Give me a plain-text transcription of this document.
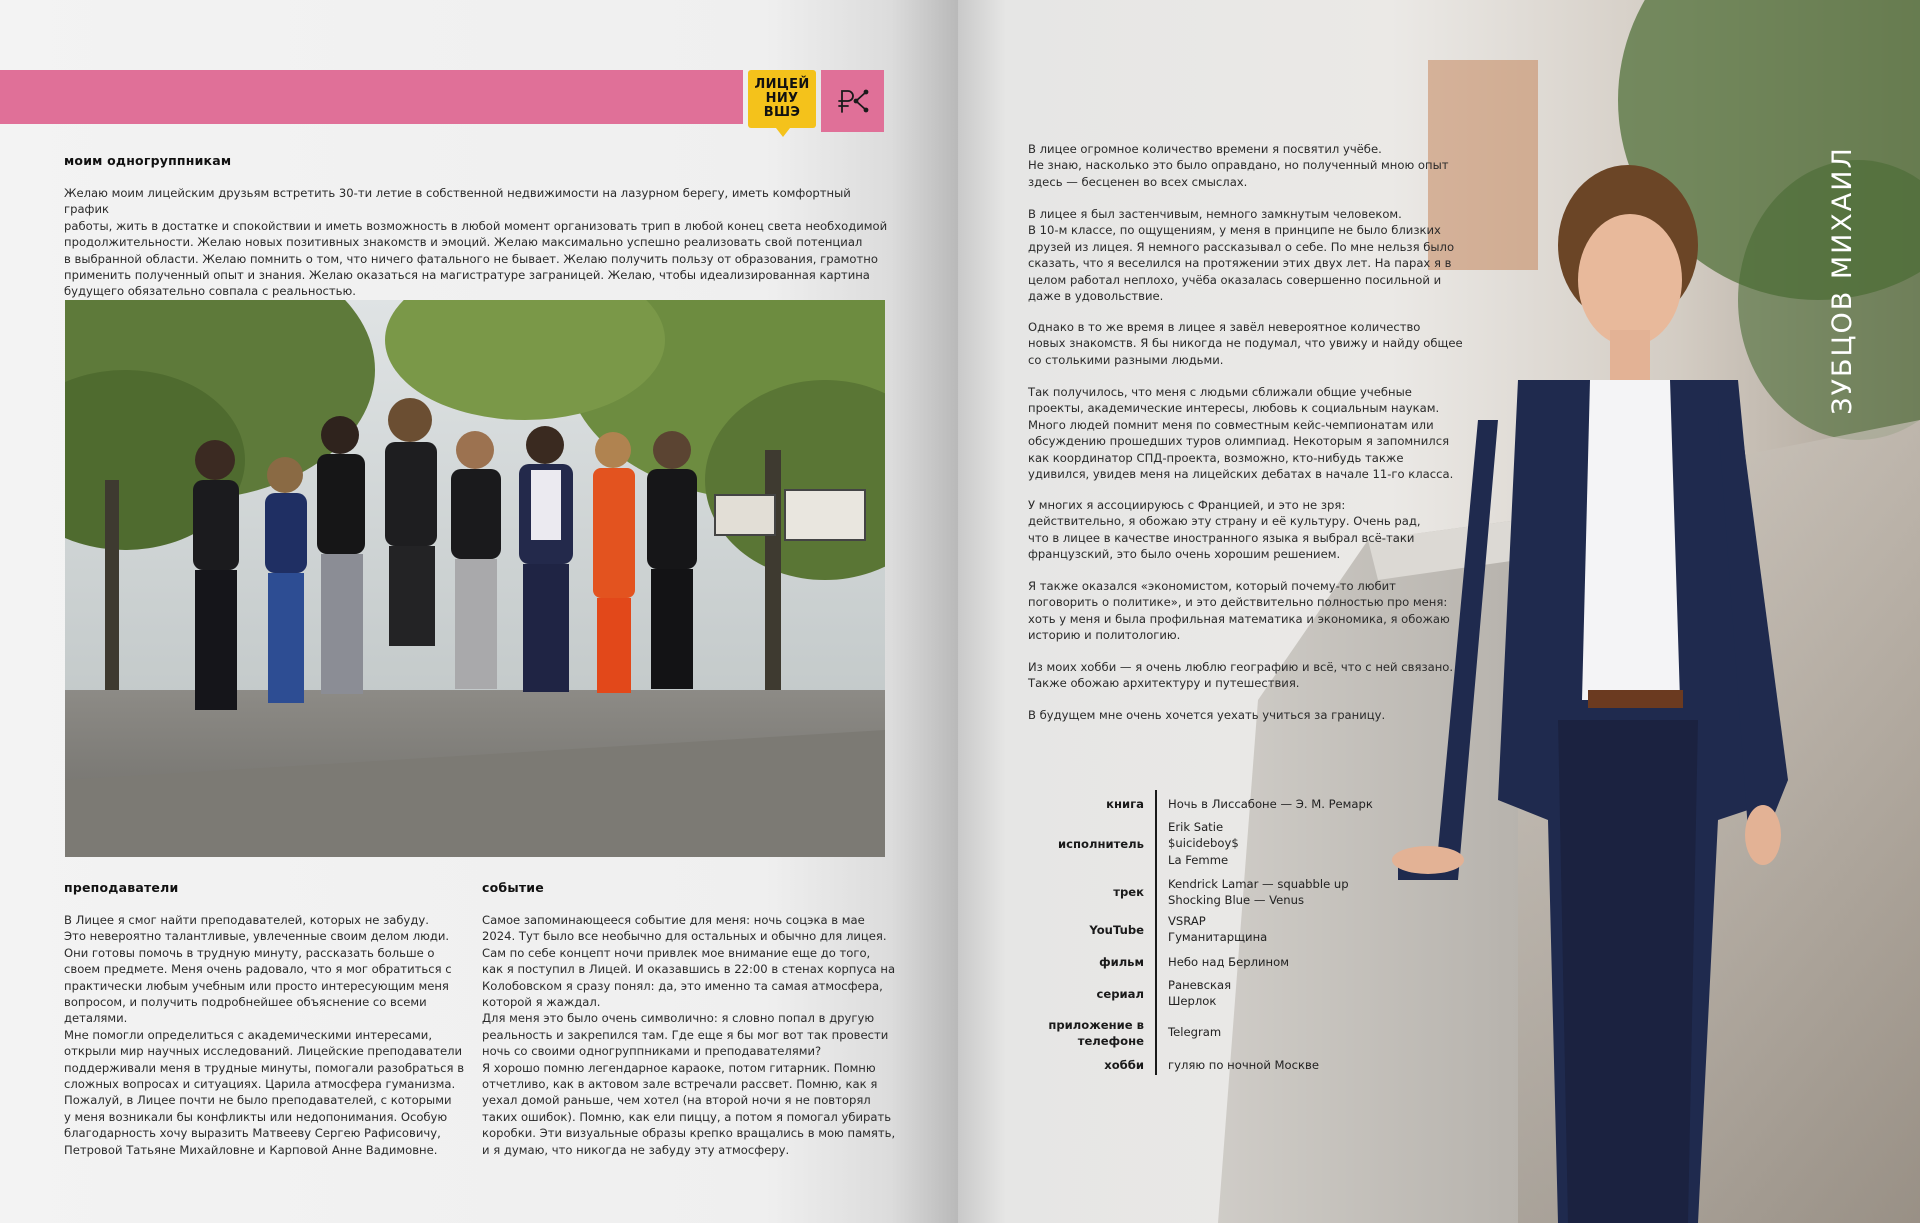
ЛИЦЕЙ
НИУ
ВШЭ
моим одногруппникам
Желаю моим лицейским друзьям встретить 30-ти летие в собственной недвижимости на лазурном берегу, иметь комфортный график
работы, жить в достатке и спокойствии и иметь возможность в любой момент организовать трип в любой конец света необходимой
продолжительности. Желаю новых позитивных знакомств и эмоций. Желаю максимально успешно реализовать свой потенциал
в выбранной области. Желаю помнить о том, что ничего фатального не бывает. Желаю получить пользу от образования, грамотно
применить полученный опыт и знания. Желаю оказаться на магистратуре заграницей. Желаю, чтобы идеализированная картина
будущего обязательно совпала с реальностью.
преподаватели
В Лицее я смог найти преподавателей, которых не забуду.
Это невероятно талантливые, увлеченные своим делом люди.
Они готовы помочь в трудную минуту, рассказать больше о
своем предмете. Меня очень радовало, что я мог обратиться с
практически любым учебным или просто интересующим меня
вопросом, и получить подробнейшее объяснение со всеми
деталями.
Мне помогли определиться с академическими интересами,
открыли мир научных исследований. Лицейские преподаватели
поддерживали меня в трудные минуты, помогали разобраться в
сложных вопросах и ситуациях. Царила атмосфера гуманизма.
Пожалуй, в Лицее почти не было преподавателей, с которыми
у меня возникали бы конфликты или недопонимания. Особую
благодарность хочу выразить Матвееву Сергею Рафисовичу,
Петровой Татьяне Михайловне и Карповой Анне Вадимовне.
событие
Самое запоминающееся событие для меня: ночь соцэка в мае
2024. Тут было все необычно для остальных и обычно для лицея.
Сам по себе концепт ночи привлек мое внимание еще до того,
как я поступил в Лицей. И оказавшись в 22:00 в стенах корпуса на
Колобовском я сразу понял: да, это именно та самая атмосфера,
которой я жаждал.
Для меня это было очень символично: я словно попал в другую
реальность и закрепился там. Где еще я бы мог вот так провести
ночь со своими одногруппниками и преподавателями?
Я хорошо помню легендарное караоке, потом гитарник. Помню
отчетливо, как в актовом зале встречали рассвет. Помню, как я
уехал домой раньше, чем хотел (на второй ночи я не повторял
таких ошибок). Помню, как ели пиццу, а потом я помогал убирать
коробки. Эти визуальные образы крепко вращались в мою память,
и я думаю, что никогда не забуду эту атмосферу.
В лицее огромное количество времени я посвятил учёбе.
Не знаю, насколько это было оправдано, но полученный мною опыт
здесь — бесценен во всех смыслах.
В лицее я был застенчивым, немного замкнутым человеком.
В 10-м классе, по ощущениям, у меня в принципе не было близких
друзей из лицея. Я немного рассказывал о себе. По мне нельзя было
сказать, что я веселился на протяжении этих двух лет. На парах я в
целом работал неплохо, учёба оказалась совершенно посильной и
даже в удовольствие.
Однако в то же время в лицее я завёл невероятное количество
новых знакомств. Я бы никогда не подумал, что увижу и найду общее
со столькими разными людьми.
Так получилось, что меня с людьми сближали общие учебные
проекты, академические интересы, любовь к социальным наукам.
Много людей помнит меня по совместным кейс-чемпионатам или
обсуждению прошедших туров олимпиад. Некоторым я запомнился
как координатор СПД-проекта, возможно, кто-нибудь также
удивился, увидев меня на лицейских дебатах в начале 11-го класса.
У многих я ассоциируюсь с Францией, и это не зря:
действительно, я обожаю эту страну и её культуру. Очень рад,
что в лицее в качестве иностранного языка я выбрал всё-таки
французский, это было очень хорошим решением.
Я также оказался «экономистом, который почему-то любит
поговорить о политике», и это действительно полностью про меня:
хоть у меня и была профильная математика и экономика, я обожаю
историю и политологию.
Из моих хобби — я очень люблю географию и всё, что с ней связано.
Также обожаю архитектуру и путешествия.
В будущем мне очень хочется уехать учиться за границу.
книга Ночь в Лиссабоне — Э. М. Ремарк
исполнитель
Erik Satie
$uicideboy$
La Femme
трек
Kendrick Lamar — squabble up
Shocking Blue — Venus
YouTube
VSRAP
Гуманитарщина
фильм Небо над Берлином
сериал
Раневская
Шерлок
приложение в
телефоне
Telegram
хобби гуляю по ночной Москве
ЗУБЦОВ МИХАИЛ
